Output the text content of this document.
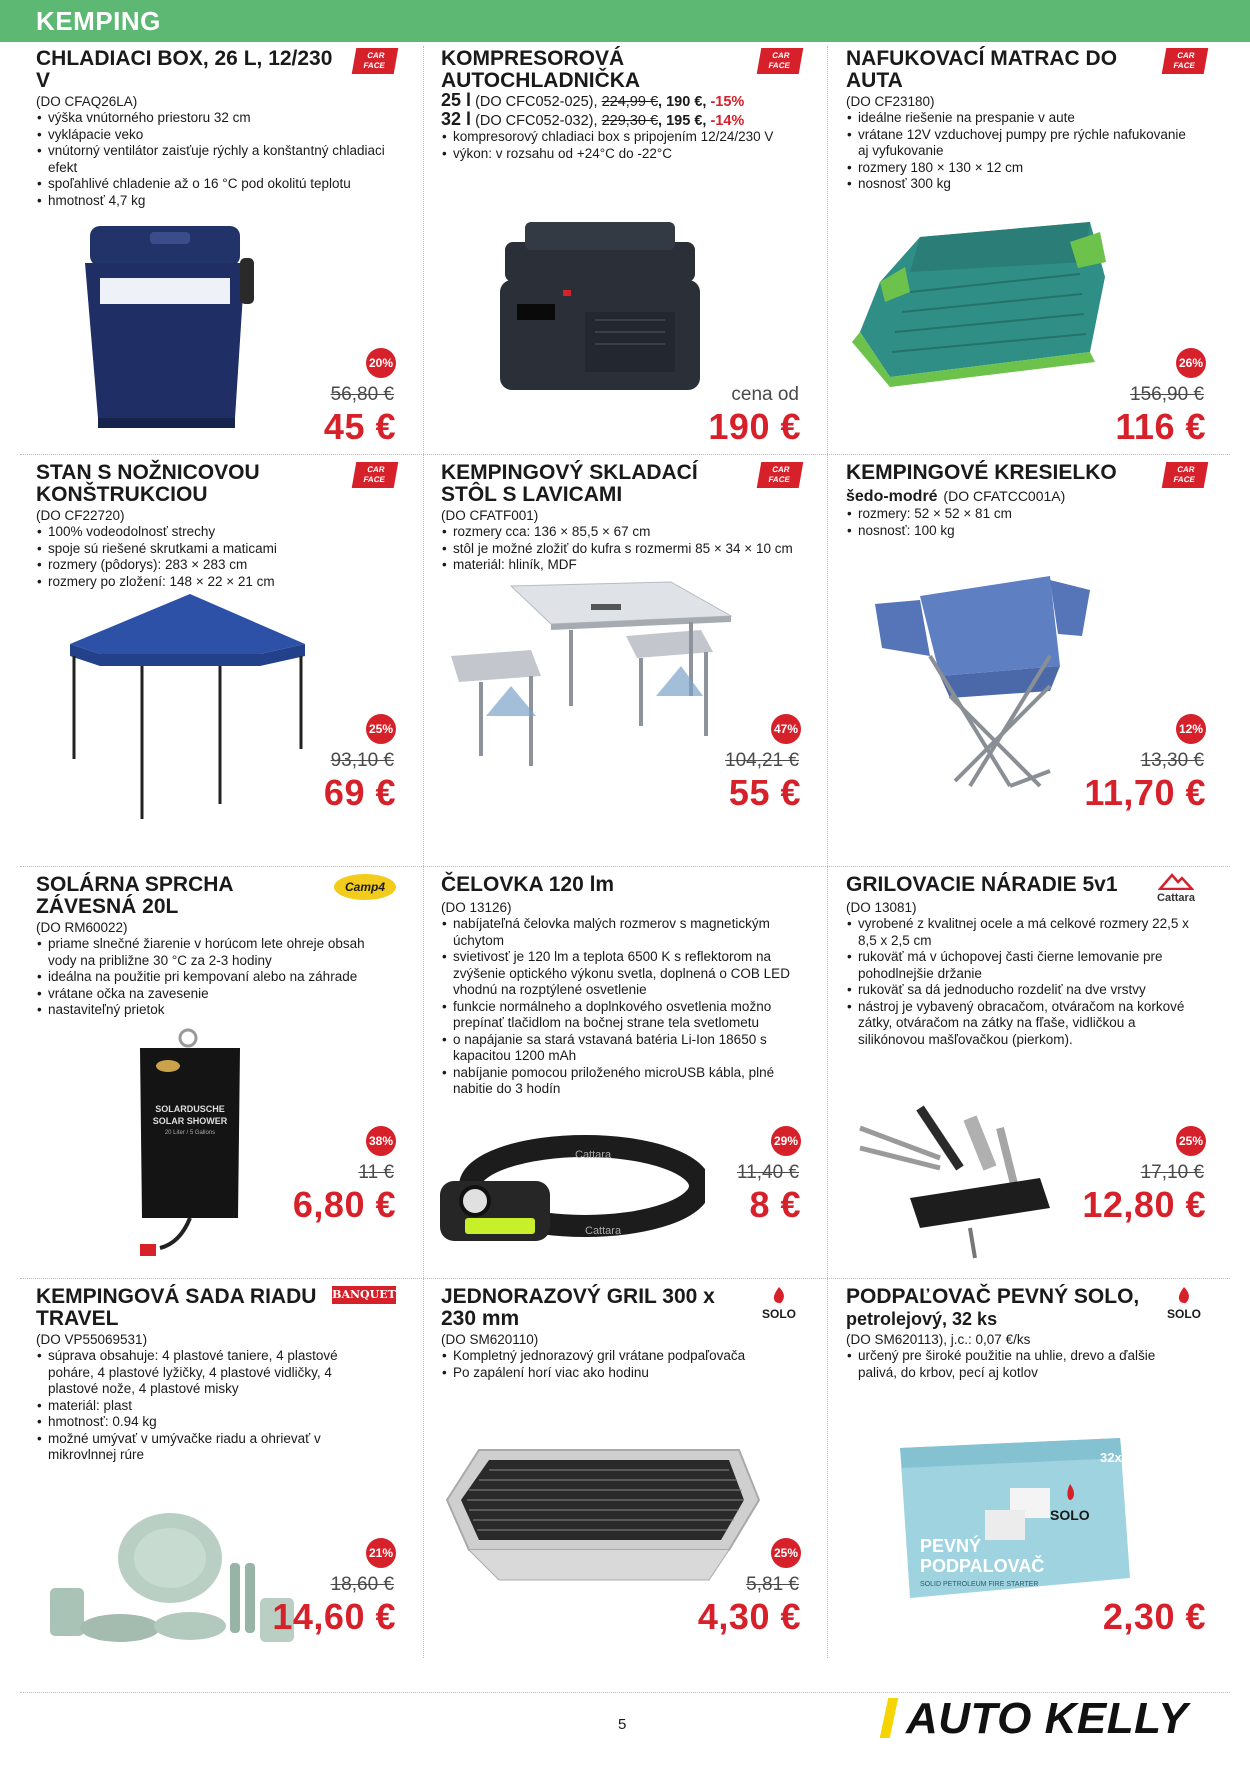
KEMPING
CHLADIACI BOX, 26 L, 12/230 V
CAR
FACE
(DO CFAQ26LA)
• výška vnútorného priestoru 32 cm
• vyklápacie veko
• vnútorný ventilátor zaisťuje rýchly a konštantný chladiaci efekt
• spoľahlivé chladenie až o 16 °C pod okolitú teplotu
• hmotnosť 4,7 kg
20%
56,80 €
45 €
KOMPRESOROVÁ AUTOCHLADNIČKA
CAR
FACE
25 l (DO CFC052-025), 224,99 €, 190 €, -15%
32 l (DO CFC052-032), 229,30 €, 195 €, -14%
• kompresorový chladiaci box s pripojením 12/24/230 V
• výkon: v rozsahu od +24°C do -22°C
cena od
190 €
NAFUKOVACÍ MATRAC DO AUTA
CAR
FACE
(DO CF23180)
• ideálne riešenie na prespanie v aute
• vrátane 12V vzduchovej pumpy pre rýchle nafukovanie aj vyfukovanie
• rozmery 180 × 130 × 12 cm
• nosnosť 300 kg
26%
156,90 €
116 €
STAN S NOŽNICOVOU KONŠTRUKCIOU
CAR
FACE
(DO CF22720)
• 100% vodeodolnosť strechy
• spoje sú riešené skrutkami a maticami
• rozmery (pôdorys): 283 × 283 cm
• rozmery po zložení: 148 × 22 × 21 cm
25%
93,10 €
69 €
KEMPINGOVÝ SKLADACÍ STÔL S LAVICAMI
CAR
FACE
(DO CFATF001)
• rozmery cca: 136 × 85,5 × 67 cm
• stôl je možné zložiť do kufra s rozmermi 85 × 34 × 10 cm
• materiál: hliník, MDF
47%
104,21 €
55 €
KEMPINGOVÉ KRESIELKO
šedo-modré (DO CFATCC001A)
CAR
FACE
• rozmery: 52 × 52 × 81 cm
• nosnosť: 100 kg
12%
13,30 €
11,70 €
SOLÁRNA SPRCHA ZÁVESNÁ 20L
Camp4
(DO RM60022)
• priame slnečné žiarenie v horúcom lete ohreje obsah vody na približne 30 °C za 2-3 hodiny
• ideálna na použitie pri kempovaní alebo na záhrade
• vrátane očka na zavesenie
• nastaviteľný prietok
SOLARDUSCHE
SOLAR SHOWER
20 Liter / 5 Gallons
38%
11 €
6,80 €
ČELOVKA 120 lm
(DO 13126)
• nabíjateľná čelovka malých rozmerov s magnetickým úchytom
• svietivosť je 120 lm a teplota 6500 K s reflektorom na zvýšenie optického výkonu svetla, doplnená o COB LED vhodnú na rozptýlené osvetlenie
• funkcie normálneho a doplnkového osvetlenia možno prepínať tlačidlom na bočnej strane tela svetlometu
• o napájanie sa stará vstavaná batéria Li-Ion 18650 s kapacitou 1200 mAh
• nabíjanie pomocou priloženého microUSB kábla, plné nabitie do 3 hodín
Cattara
Cattara
29%
11,40 €
8 €
GRILOVACIE NÁRADIE 5v1
Cattara
(DO 13081)
• vyrobené z kvalitnej ocele a má celkové rozmery 22,5 x 8,5 x 2,5 cm
• rukoväť má v úchopovej časti čierne lemovanie pre pohodlnejšie držanie
• rukoväť sa dá jednoducho rozdeliť na dve vrstvy
• nástroj je vybavený obracačom, otváračom na korkové zátky, otváračom na zátky na fľaše, vidličkou a silikónovou mašľovačkou (pierkom).
25%
17,10 €
12,80 €
KEMPINGOVÁ SADA RIADU TRAVEL
BANQUET
(DO VP55069531)
• súprava obsahuje: 4 plastové taniere, 4 plastové poháre, 4 plastové lyžičky, 4 plastové vidličky, 4 plastové nože, 4 plastové misky
• materiál: plast
• hmotnosť: 0.94 kg
• možné umývať v umývačke riadu a ohrievať v mikrovlnnej rúre
21%
18,60 €
14,60 €
JEDNORAZOVÝ GRIL 300 x 230 mm	SOLO
(DO SM620110)
• Kompletný jednorazový gril vrátane podpaľovača
• Po zapálení horí viac ako hodinu
25%
5,81 €
4,30 €
PODPAĽOVAČ PEVNÝ SOLO,
petrolejový, 32 ks	SOLO
(DO SM620113), j.c.: 0,07 €/ks
• určený pre široké použitie na uhlie, drevo a ďalšie palivá, do krbov, pecí aj kotlov
32x
SOLO
PEVNÝ
PODPALOVAČ
SOLID PETROLEUM FIRE STARTER
2,30 €
5	AUTO KELLY
